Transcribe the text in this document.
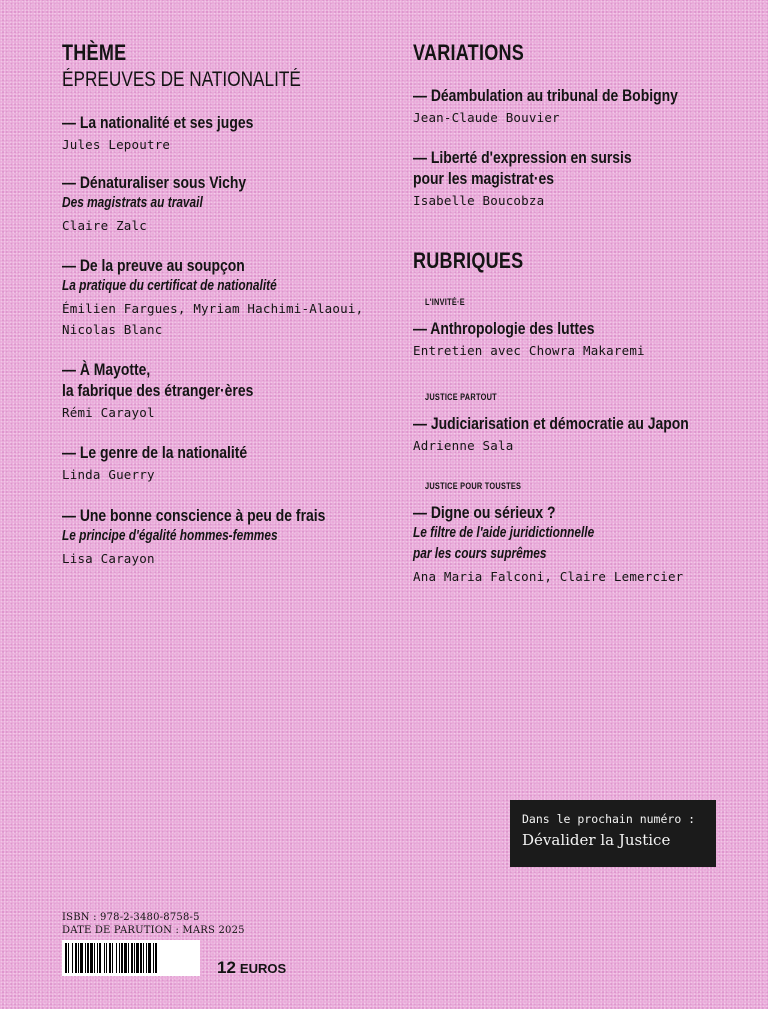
THÈME
ÉPREUVES DE NATIONALITÉ
— La nationalité et ses juges
Jules Lepoutre
— Dénaturaliser sous Vichy
Des magistrats au travail
Claire Zalc
— De la preuve au soupçon
La pratique du certificat de nationalité
Émilien Fargues, Myriam Hachimi-Alaoui,
Nicolas Blanc
— À Mayotte,
la fabrique des étranger·ères
Rémi Carayol
— Le genre de la nationalité
Linda Guerry
— Une bonne conscience à peu de frais
Le principe d'égalité hommes-femmes
Lisa Carayon
VARIATIONS
— Déambulation au tribunal de Bobigny
Jean-Claude Bouvier
— Liberté d'expression en sursis
pour les magistrat·es
Isabelle Boucobza
RUBRIQUES
L'INVITÉ·E
— Anthropologie des luttes
Entretien avec Chowra Makaremi
JUSTICE PARTOUT
— Judiciarisation et démocratie au Japon
Adrienne Sala
JUSTICE POUR TOUSTES
— Digne ou sérieux ?
Le filtre de l'aide juridictionnelle
par les cours suprêmes
Ana Maria Falconi, Claire Lemercier
Dans le prochain numéro :
Dévalider la Justice
ISBN : 978-2-3480-8758-5
DATE DE PARUTION : MARS 2025
12 EUROS
